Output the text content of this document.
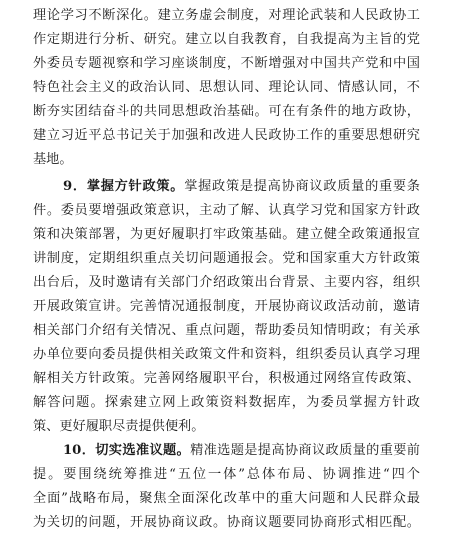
理论学习不断深化。建立务虚会制度，对理论武装和人民政协工
作定期进行分析、研究。建立以自我教育，自我提高为主旨的党
外委员专题视察和学习座谈制度，不断增强对中国共产党和中国
特色社会主义的政治认同、思想认同、理论认同、情感认同，不
断夯实团结奋斗的共同思想政治基础。可在有条件的地方政协，
建立习近平总书记关于加强和改进人民政协工作的重要思想研究
基地。
9．掌握方针政策。掌握政策是提高协商议政质量的重要条
件。委员要增强政策意识，主动了解、认真学习党和国家方针政
策和决策部署，为更好履职打牢政策基础。建立健全政策通报宣
讲制度，定期组织重点关切问题通报会。党和国家重大方针政策
出台后，及时邀请有关部门介绍政策出台背景、主要内容，组织
开展政策宣讲。完善情况通报制度，开展协商议政活动前，邀请
相关部门介绍有关情况、重点问题，帮助委员知情明政；有关承
办单位要向委员提供相关政策文件和资料，组织委员认真学习理
解相关方针政策。完善网络履职平台，积极通过网络宣传政策、
解答问题。探索建立网上政策资料数据库，为委员掌握方针政
策、更好履职尽责提供便利。
10．切实选准议题。精准选题是提高协商议政质量的重要前
提。要围绕统筹推进“五位一体”总体布局、协调推进“四个
全面”战略布局，聚焦全面深化改革中的重大问题和人民群众最
为关切的问题，开展协商议政。协商议题要同协商形式相匹配。
